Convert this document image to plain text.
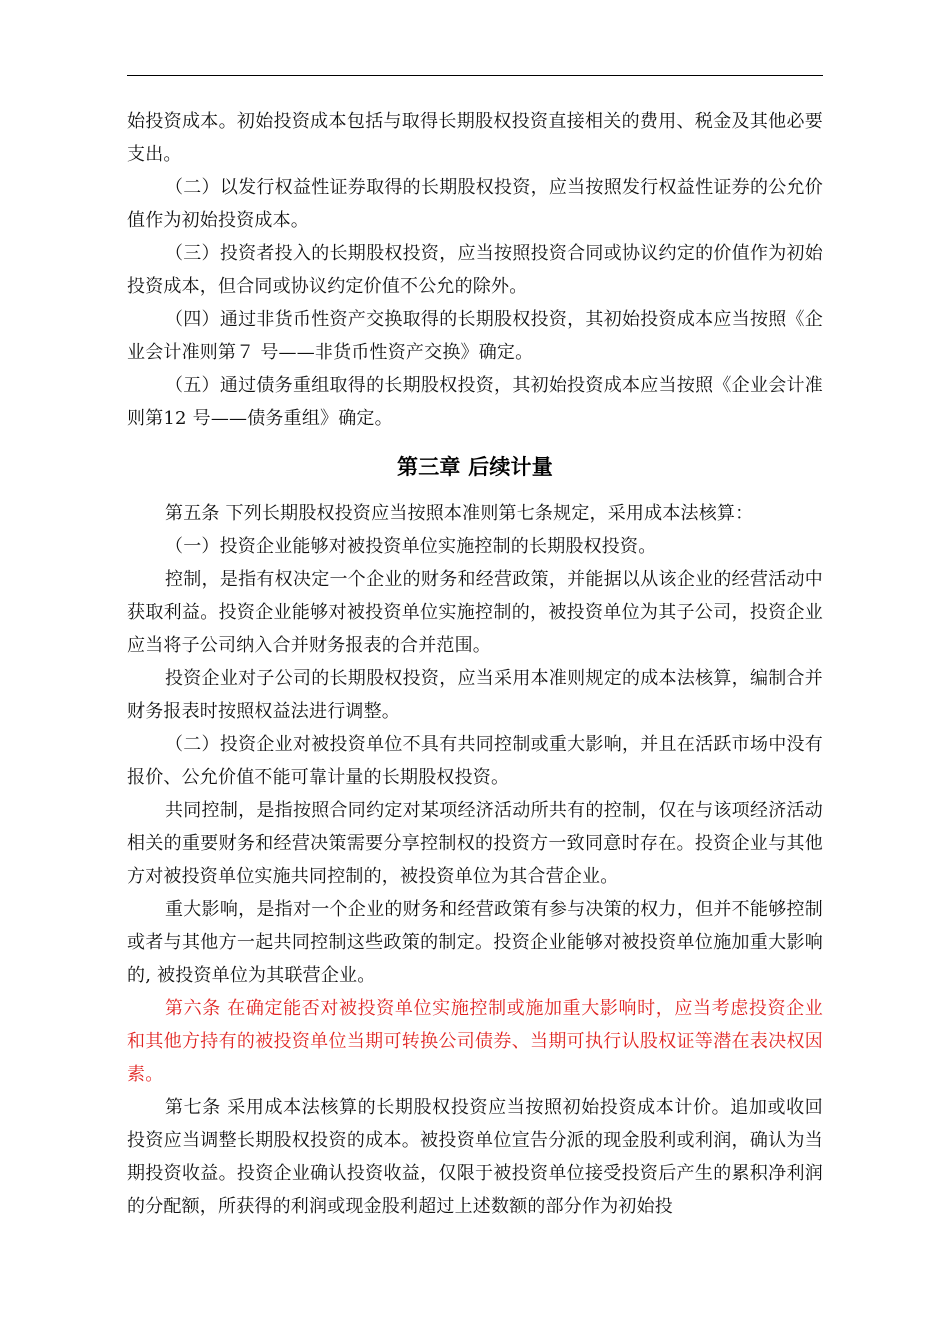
始投资成本。初始投资成本包括与取得长期股权投资直接相关的费用、税金及其他必要支出。

（二）以发行权益性证券取得的长期股权投资，应当按照发行权益性证券的公允价值作为初始投资成本。

（三）投资者投入的长期股权投资，应当按照投资合同或协议约定的价值作为初始投资成本，但合同或协议约定价值不公允的除外。

（四）通过非货币性资产交换取得的长期股权投资，其初始投资成本应当按照《企业会计准则第７ 号——非货币性资产交换》确定。

（五）通过债务重组取得的长期股权投资，其初始投资成本应当按照《企业会计准则第12 号——债务重组》确定。

第三章 后续计量

第五条 下列长期股权投资应当按照本准则第七条规定，采用成本法核算：

（一）投资企业能够对被投资单位实施控制的长期股权投资。

控制，是指有权决定一个企业的财务和经营政策，并能据以从该企业的经营活动中获取利益。投资企业能够对被投资单位实施控制的，被投资单位为其子公司，投资企业应当将子公司纳入合并财务报表的合并范围。

投资企业对子公司的长期股权投资，应当采用本准则规定的成本法核算，编制合并财务报表时按照权益法进行调整。

（二）投资企业对被投资单位不具有共同控制或重大影响，并且在活跃市场中没有报价、公允价值不能可靠计量的长期股权投资。

共同控制，是指按照合同约定对某项经济活动所共有的控制，仅在与该项经济活动相关的重要财务和经营决策需要分享控制权的投资方一致同意时存在。投资企业与其他方对被投资单位实施共同控制的，被投资单位为其合营企业。

重大影响，是指对一个企业的财务和经营政策有参与决策的权力，但并不能够控制或者与其他方一起共同控制这些政策的制定。投资企业能够对被投资单位施加重大影响的, 被投资单位为其联营企业。

第六条 在确定能否对被投资单位实施控制或施加重大影响时，应当考虑投资企业和其他方持有的被投资单位当期可转换公司债券、当期可执行认股权证等潜在表决权因素。

第七条 采用成本法核算的长期股权投资应当按照初始投资成本计价。追加或收回投资应当调整长期股权投资的成本。被投资单位宣告分派的现金股利或利润，确认为当期投资收益。投资企业确认投资收益，仅限于被投资单位接受投资后产生的累积净利润的分配额，所获得的利润或现金股利超过上述数额的部分作为初始投
